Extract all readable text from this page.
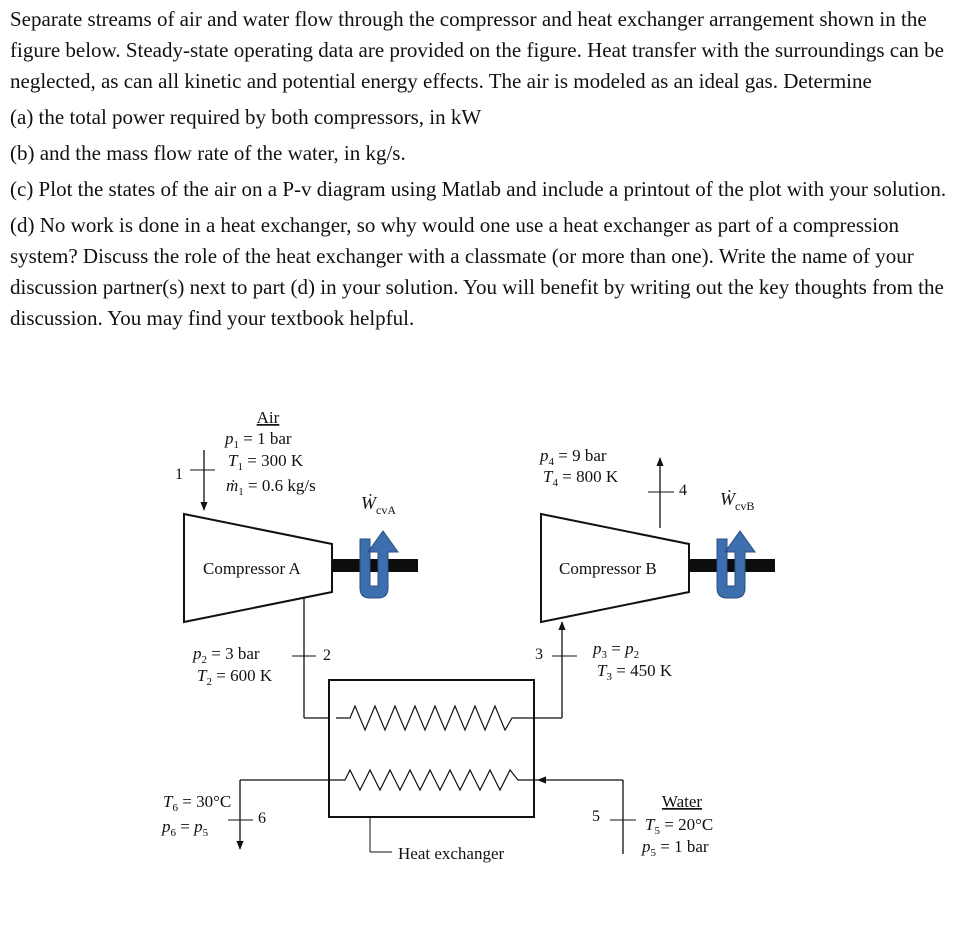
Separate streams of air and water flow through the compressor and heat exchanger arrangement shown in the figure below. Steady-state operating data are provided on the figure. Heat transfer with the surroundings can be neglected, as can all kinetic and potential energy effects. The air is modeled as an ideal gas. Determine

(a) the total power required by both compressors, in kW

(b) and the mass flow rate of the water, in kg/s.

(c) Plot the states of the air on a P-v diagram using Matlab and include a printout of the plot with your solution.

(d) No work is done in a heat exchanger, so why would one use a heat exchanger as part of a compression system? Discuss the role of the heat exchanger with a classmate (or more than one). Write the name of your discussion partner(s) next to part (d) in your solution. You will benefit by writing out the key thoughts from the discussion. You may find your textbook helpful.

Air
$p_1 = 1$ bar
$T_1 = 300$ K
ṁ$_1$ = 0.6 kg/s
1
Compressor A
Ẇ$_{cvA}$
2
$p_2 = 3$ bar
$T_2 = 600$ K
Heat exchanger
3	$p_3 = p_2$
$T_3 = 450$ K
Compressor B
Ẇ$_{cvB}$
4
$p_4 = 9$ bar
$T_4 = 800$ K
5
Water
$T_5 = 20^\circ C$
$p_5 = 1$ bar
6
$T_6 = 30^\circ C$
$p_6 = p_5$
